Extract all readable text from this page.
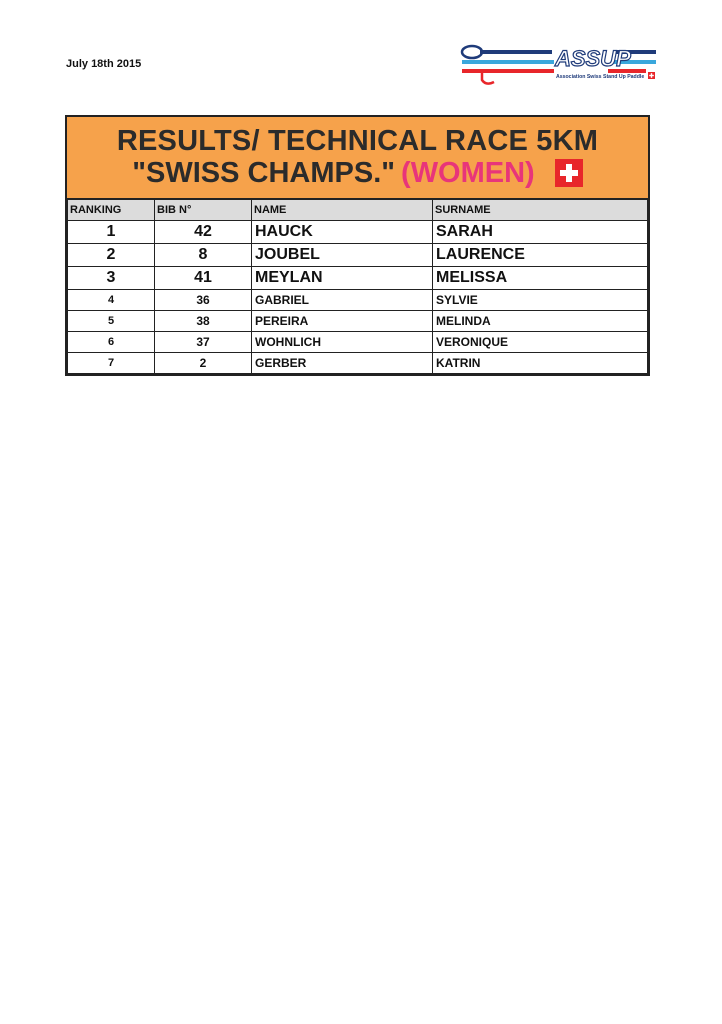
July 18th 2015	ASSUP
Association Swiss Stand Up Paddle
RESULTS/ TECHNICAL RACE 5KM
"SWISS CHAMPS." (WOMEN)
RANKING	BIB N°	NAME	SURNAME
1	42	HAUCK	SARAH
2	8	JOUBEL	LAURENCE
3	41	MEYLAN	MELISSA
4	36	GABRIEL	SYLVIE
5	38	PEREIRA	MELINDA
6	37	WOHNLICH	VERONIQUE
7	2	GERBER	KATRIN
